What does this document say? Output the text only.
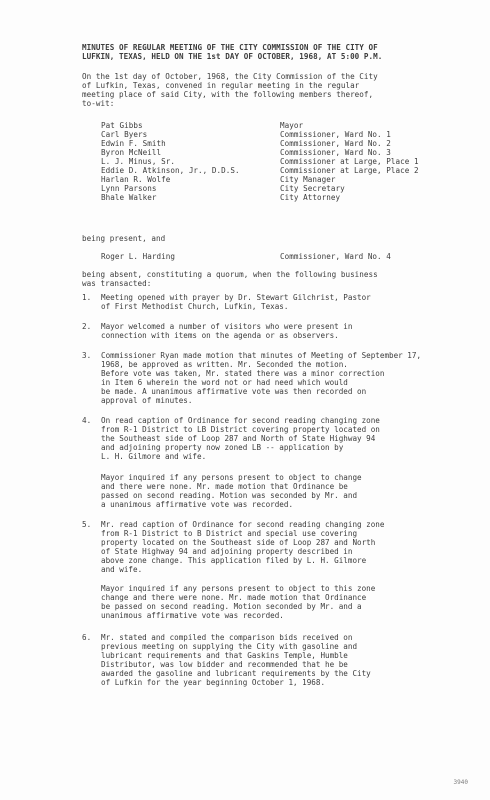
MINUTES OF REGULAR MEETING OF THE CITY COMMISSION OF THE CITY OF
LUFKIN, TEXAS, HELD ON THE 1st DAY OF OCTOBER, 1968, AT 5:00 P.M.
On the 1st day of October, 1968, the City Commission of the City
of Lufkin, Texas, convened in regular meeting in the regular
meeting place of said City, with the following members thereof,
to-wit:
Pat Gibbs
Carl Byers
Edwin F. Smith
Byron McNeill
L. J. Minus, Sr.
Eddie D. Atkinson, Jr., D.D.S.
Harlan R. Wolfe
Lynn Parsons
Bhale Walker
Mayor
Commissioner, Ward No. 1
Commissioner, Ward No. 2
Commissioner, Ward No. 3
Commissioner at Large, Place 1
Commissioner at Large, Place 2
City Manager
City Secretary
City Attorney
being present, and
Roger L. Harding	Commissioner, Ward No. 4
being absent, constituting a quorum, when the following business
was transacted:
1. Meeting opened with prayer by Dr. Stewart Gilchrist, Pastor
of First Methodist Church, Lufkin, Texas.
2. Mayor welcomed a number of visitors who were present in
connection with items on the agenda or as observers.
3. Commissioner Ryan made motion that minutes of Meeting of September 17,
1968, be approved as written. Mr. Seconded the motion.
Before vote was taken, Mr. stated there was a minor correction
in Item 6 wherein the word not or had need which would
be made. A unanimous affirmative vote was then recorded on
approval of minutes.
4. On read caption of Ordinance for second reading changing zone
from R-1 District to LB District covering property located on
the Southeast side of Loop 287 and North of State Highway 94
and adjoining property now zoned LB -- application by
L. H. Gilmore and wife.
Mayor inquired if any persons present to object to change
and there were none. Mr. made motion that Ordinance be
passed on second reading. Motion was seconded by Mr. and
a unanimous affirmative vote was recorded.
5. Mr. read caption of Ordinance for second reading changing zone
from R-1 District to B District and special use covering
property located on the Southeast side of Loop 287 and North
of State Highway 94 and adjoining property described in
above zone change. This application filed by L. H. Gilmore
and wife.
Mayor inquired if any persons present to object to this zone
change and there were none. Mr. made motion that Ordinance
be passed on second reading. Motion seconded by Mr. and a
unanimous affirmative vote was recorded.
6. Mr. stated and compiled the comparison bids received on
previous meeting on supplying the City with gasoline and
lubricant requirements and that Gaskins Temple, Humble
Distributor, was low bidder and recommended that he be
awarded the gasoline and lubricant requirements by the City
of Lufkin for the year beginning October 1, 1968.
3940
